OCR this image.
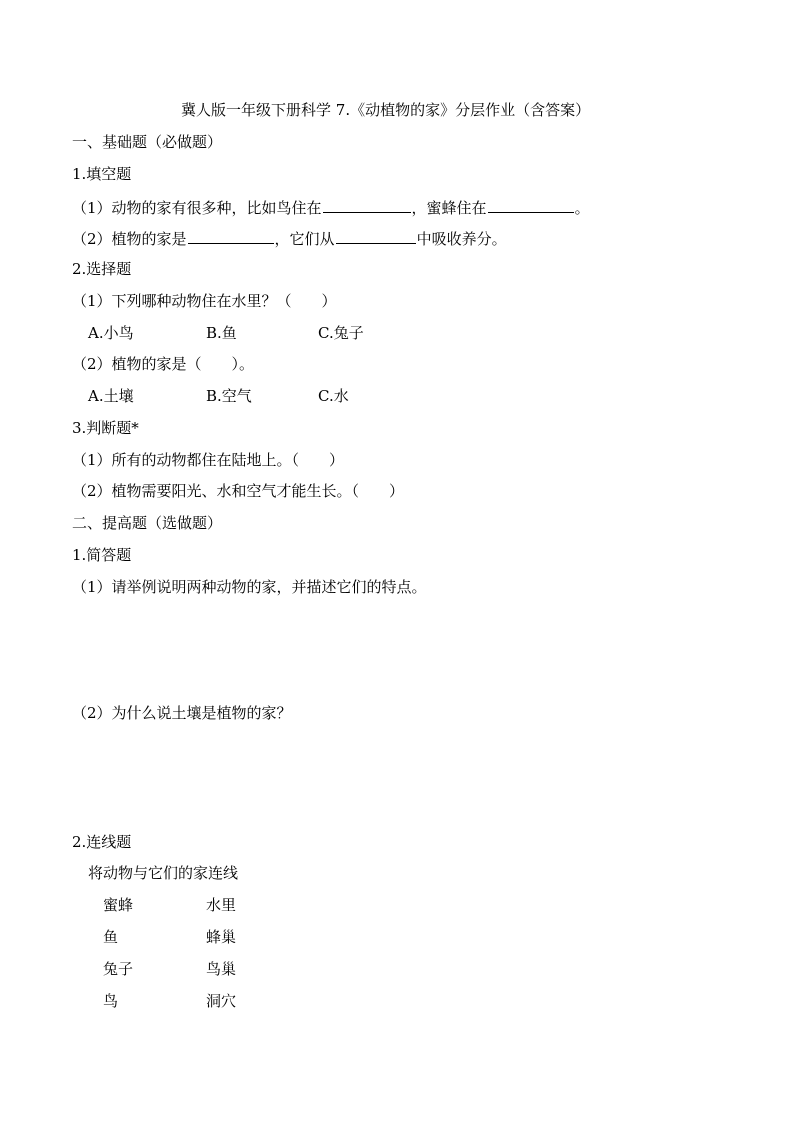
冀人版一年级下册科学 7.《动植物的家》分层作业（含答案）
一、基础题（必做题）
1.填空题
（1）动物的家有很多种，比如鸟住在	，蜜蜂住在	。
（2）植物的家是	，它们从	中吸收养分。
2.选择题
（1）下列哪种动物住在水里？（　　）
A.小鸟	B.鱼	C.兔子
（2）植物的家是（　　）。
A.土壤	B.空气	C.水
3.判断题*
（1）所有的动物都住在陆地上。（　　）
（2）植物需要阳光、水和空气才能生长。（　　）
二、提高题（选做题）
1.简答题
（1）请举例说明两种动物的家，并描述它们的特点。
（2）为什么说土壤是植物的家？
2.连线题
将动物与它们的家连线
蜜蜂	水里
鱼	蜂巢
兔子	鸟巢
鸟	洞穴
